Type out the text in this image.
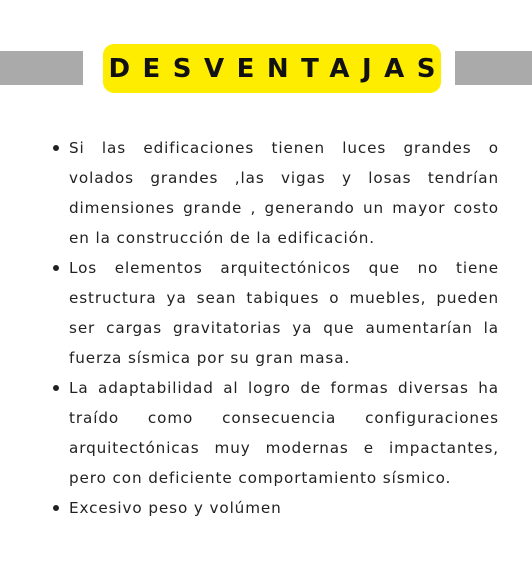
DESVENTAJAS
Si las edificaciones tienen luces grandes o volados grandes ,las vigas y losas tendrían dimensiones grande , generando un mayor costo en la construcción de la edificación.
Los elementos arquitectónicos que no tiene estructura ya sean tabiques o muebles, pueden ser cargas gravitatorias ya que aumentarían la fuerza sísmica por su gran masa.
La adaptabilidad al logro de formas diversas ha traído como consecuencia configuraciones arquitectónicas muy modernas e impactantes, pero con deficiente comportamiento sísmico.
Excesivo peso y volúmen
